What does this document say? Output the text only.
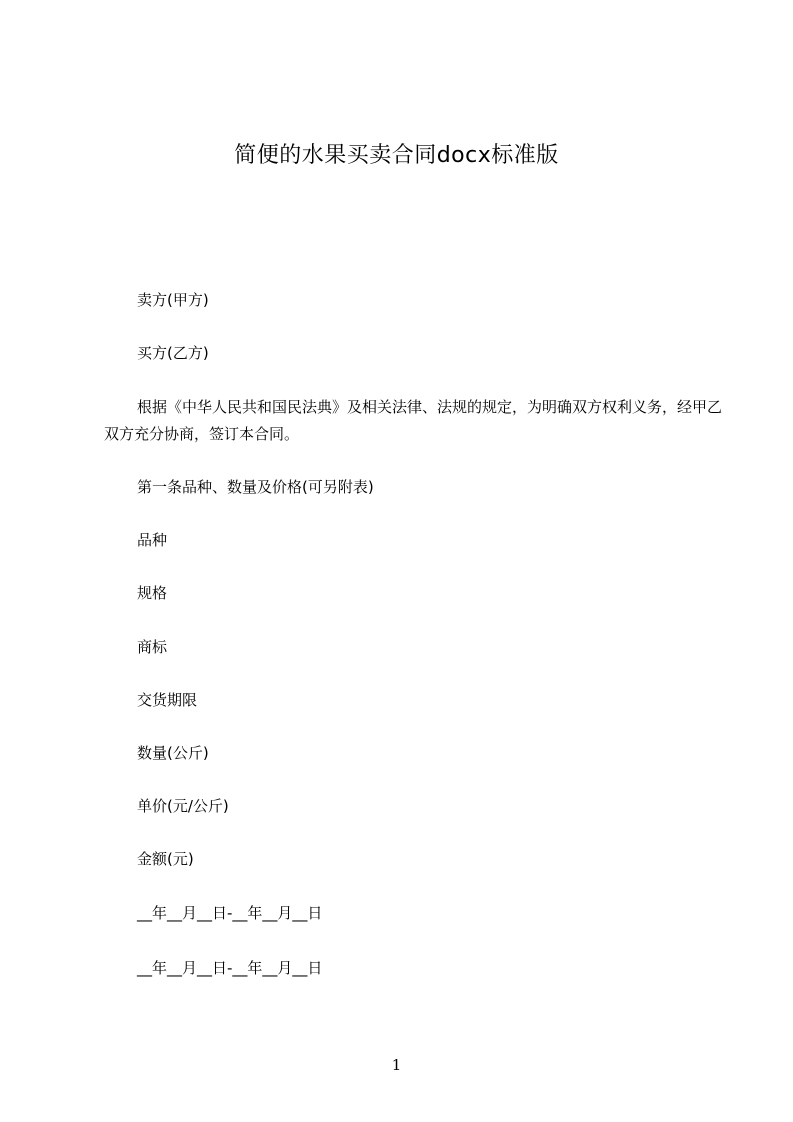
简便的水果买卖合同docx标准版
卖方(甲方)
买方(乙方)
根据《中华人民共和国民法典》及相关法律、法规的规定，为明确双方权利义务，经甲乙双方充分协商，签订本合同。
第一条品种、数量及价格(可另附表)
品种
规格
商标
交货期限
数量(公斤)
单价(元/公斤)
金额(元)
__年__月__日-__年__月__日
__年__月__日-__年__月__日
1
